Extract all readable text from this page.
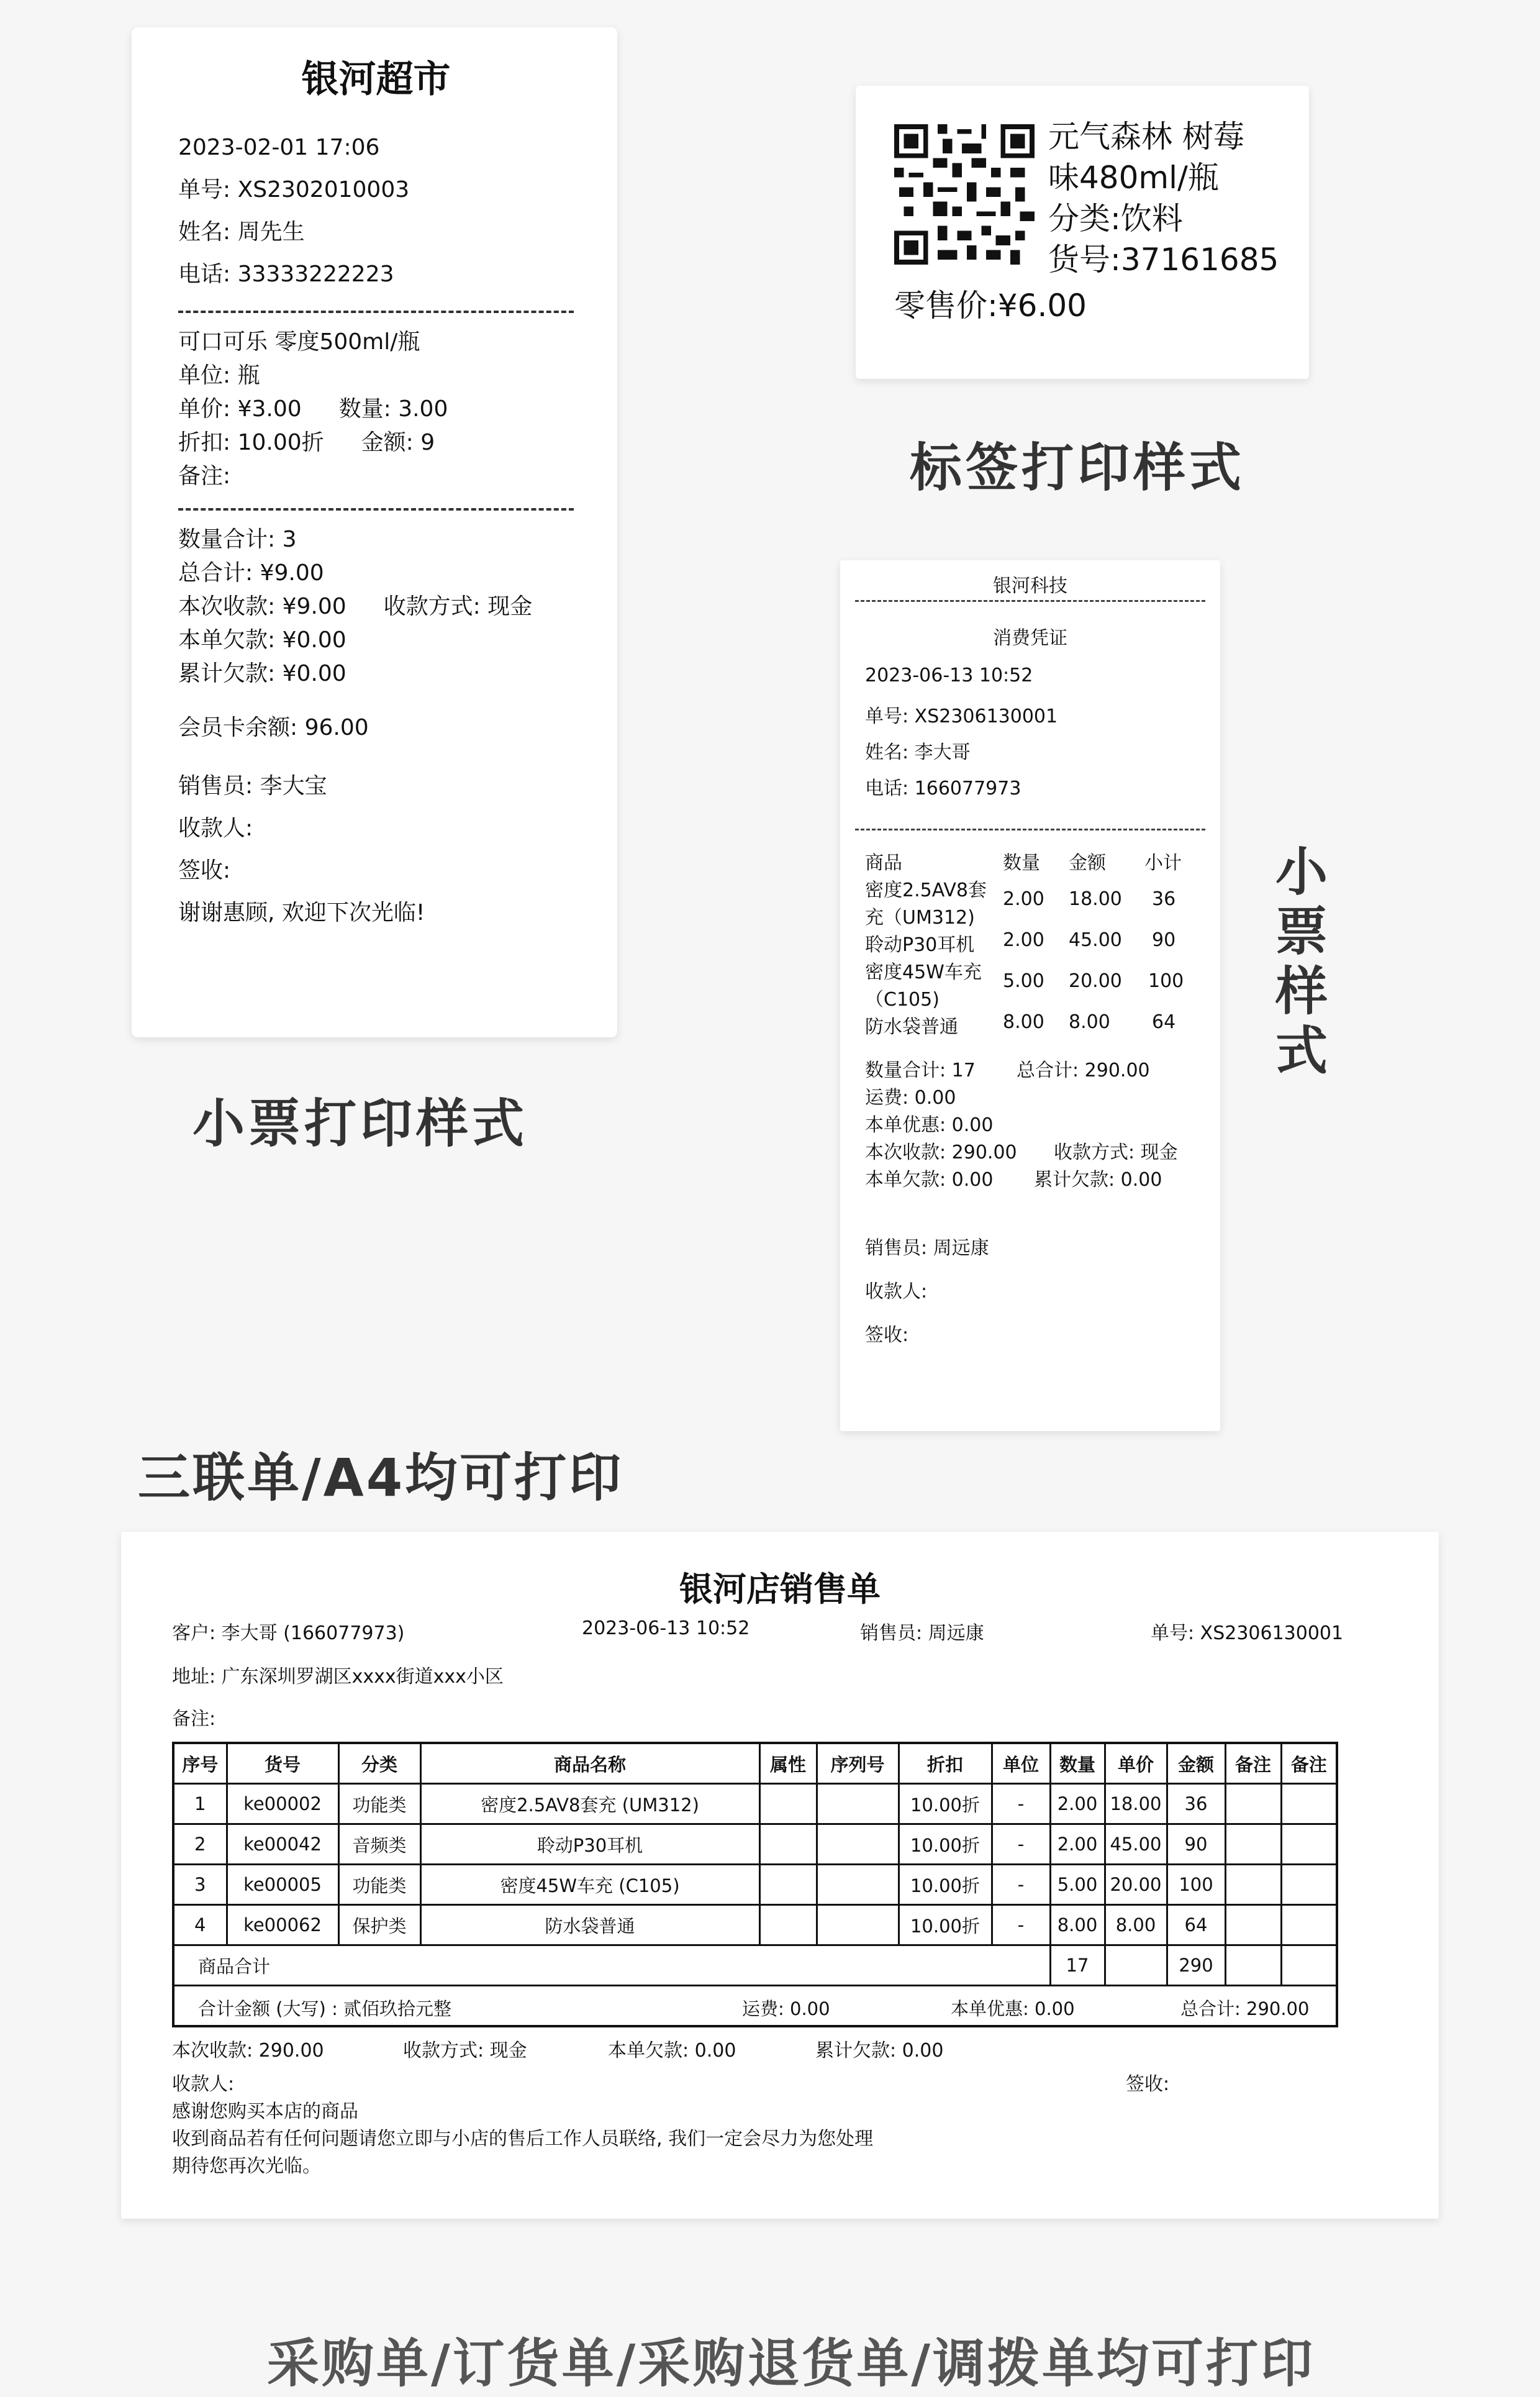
银河超市
2023-02-01 17:06
单号: XS2302010003
姓名: 周先生
电话: 33333222223
可口可乐 零度500ml/瓶
单位: 瓶
单价: ¥3.00 数量: 3.00
折扣: 10.00折 金额: 9
备注:
数量合计: 3
总合计: ¥9.00
本次收款: ¥9.00 收款方式: 现金
本单欠款: ¥0.00
累计欠款: ¥0.00
会员卡余额: 96.00
销售员: 李大宝
收款人:
签收:
谢谢惠顾, 欢迎下次光临!
小票打印样式
元气森林 树莓
味480ml/瓶
分类:饮料
货号:37161685
零售价:¥6.00
标签打印样式
银河科技
消费凭证
2023-06-13 10:52
单号: XS2306130001
姓名: 李大哥
电话: 166077973
商品	数量 金额 小计
密度2.5AV8套
充（UM312)
2.00 18.00 36
聆动P30耳机 2.00 45.00 90
密度45W车充
（C105)
5.00 20.00 100
防水袋普通 8.00 8.00 64
数量合计: 17 总合计: 290.00
运费: 0.00
本单优惠: 0.00
本次收款: 290.00 收款方式: 现金
本单欠款: 0.00 累计欠款: 0.00
销售员: 周远康
收款人:
签收:
小
票
样
式
三联单/A4均可打印
银河店销售单
客户: 李大哥 (166077973)	2023-06-13 10:52	销售员: 周远康	单号: XS2306130001
地址: 广东深圳罗湖区xxxx街道xxx小区
备注:
序号	货号	分类	商品名称	属性	序列号	折扣	单位	数量	单价	金额	备注	备注
1	ke00002	功能类	密度2.5AV8套充 (UM312)			10.00折	-	2.00	18.00	36		
2	ke00042	音频类	聆动P30耳机			10.00折	-	2.00	45.00	90		
3	ke00005	功能类	密度45W车充 (C105)			10.00折	-	5.00	20.00	100		
4	ke00062	保护类	防水袋普通			10.00折	-	8.00	8.00	64		
商品合计								17		290		

合计金额 (大写) : 贰佰玖拾元整 运费: 0.00 本单优惠: 0.00 总合计: 290.00												
本次收款: 290.00	收款方式: 现金	本单欠款: 0.00	累计欠款: 0.00
收款人:	签收:
感谢您购买本店的商品
收到商品若有任何问题请您立即与小店的售后工作人员联络, 我们一定会尽力为您处理
期待您再次光临。
采购单/订货单/采购退货单/调拨单均可打印
